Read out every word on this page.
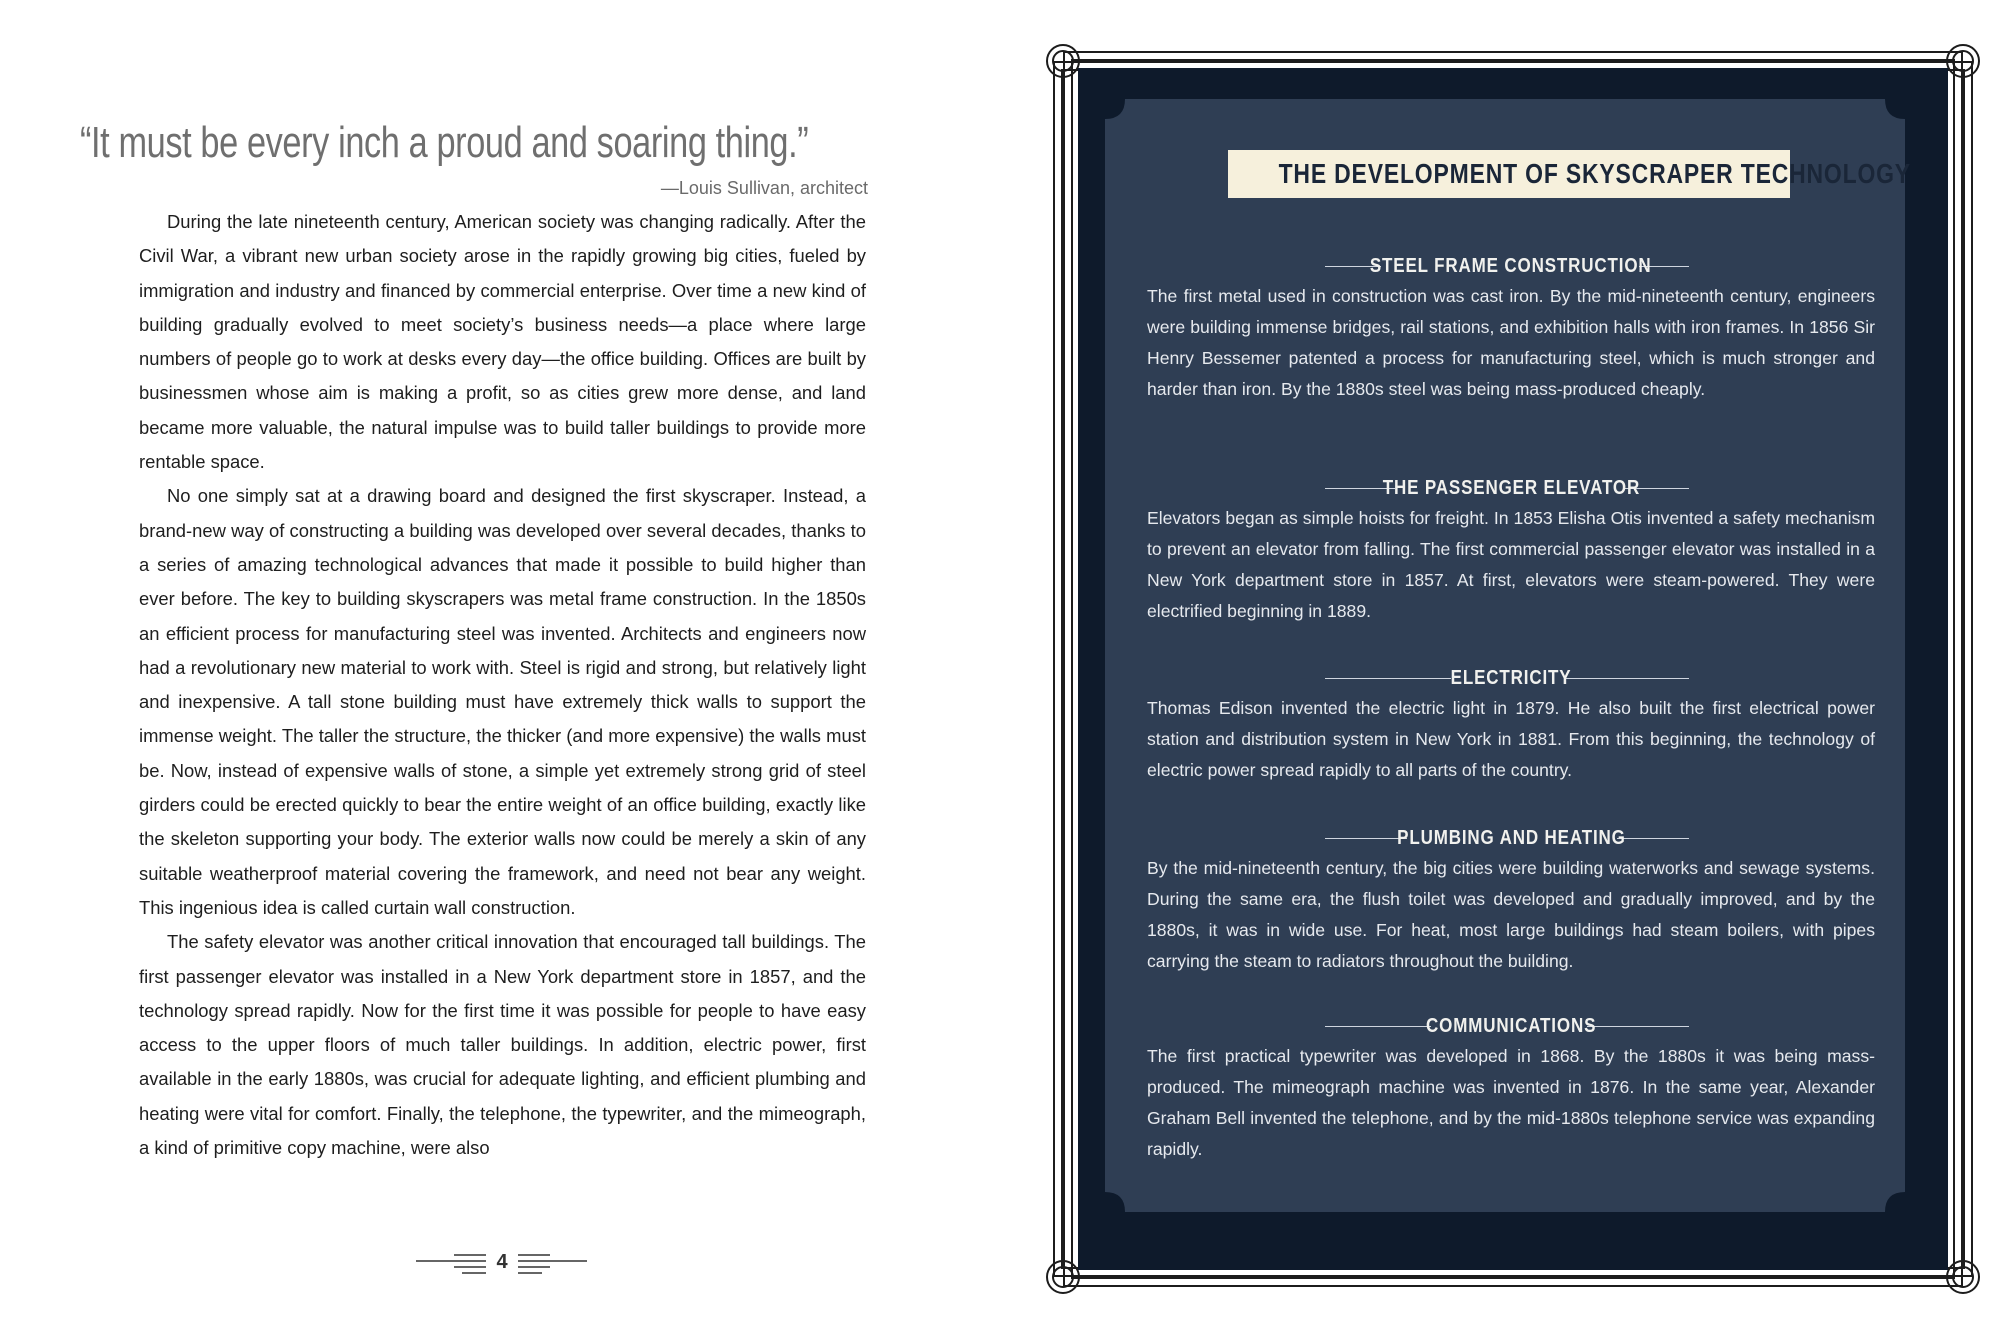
“It must be every inch a proud and soaring thing.”
—Louis Sullivan, architect

During the late nineteenth century, American society was changing radically. After the Civil War, a vibrant new urban society arose in the rapidly growing big cities, fueled by immigration and industry and financed by commercial enterprise. Over time a new kind of building gradually evolved to meet society’s business needs—a place where large numbers of people go to work at desks every day—the office building. Offices are built by businessmen whose aim is making a profit, so as cities grew more dense, and land became more valuable, the natural impulse was to build taller buildings to provide more rentable space.

No one simply sat at a drawing board and designed the first skyscraper. Instead, a brand-new way of constructing a building was developed over several decades, thanks to a series of amazing technological advances that made it possible to build higher than ever before. The key to building skyscrapers was metal frame construction. In the 1850s an efficient process for manufacturing steel was invented. Architects and engineers now had a revolutionary new material to work with. Steel is rigid and strong, but relatively light and inexpensive. A tall stone building must have extremely thick walls to support the immense weight. The taller the structure, the thicker (and more expensive) the walls must be. Now, instead of expensive walls of stone, a simple yet extremely strong grid of steel girders could be erected quickly to bear the entire weight of an office building, exactly like the skeleton supporting your body. The exterior walls now could be merely a skin of any suitable weatherproof material covering the framework, and need not bear any weight. This ingenious idea is called curtain wall construction.

The safety elevator was another critical innovation that encouraged tall buildings. The first passenger elevator was installed in a New York department store in 1857, and the technology spread rapidly. Now for the first time it was possible for people to have easy access to the upper floors of much taller buildings. In addition, electric power, first available in the early 1880s, was crucial for adequate lighting, and efficient plumbing and heating were vital for comfort. Finally, the telephone, the typewriter, and the mimeograph, a kind of primitive copy machine, were also

4
THE DEVELOPMENT OF SKYSCRAPER TECHNOLOGY
STEEL FRAME CONSTRUCTION
The first metal used in construction was cast iron. By the mid-nineteenth century, engineers were building immense bridges, rail stations, and exhibition halls with iron frames. In 1856 Sir Henry Bessemer patented a process for manufacturing steel, which is much stronger and harder than iron. By the 1880s steel was being mass-produced cheaply.
THE PASSENGER ELEVATOR
Elevators began as simple hoists for freight. In 1853 Elisha Otis invented a safety mechanism to prevent an elevator from falling. The first commercial passenger elevator was installed in a New York department store in 1857. At first, elevators were steam-powered. They were electrified beginning in 1889.
ELECTRICITY
Thomas Edison invented the electric light in 1879. He also built the first electrical power station and distribution system in New York in 1881. From this beginning, the technology of electric power spread rapidly to all parts of the country.
PLUMBING AND HEATING
By the mid-nineteenth century, the big cities were building waterworks and sewage systems. During the same era, the flush toilet was developed and gradually improved, and by the 1880s, it was in wide use. For heat, most large buildings had steam boilers, with pipes carrying the steam to radiators throughout the building.
COMMUNICATIONS
The first practical typewriter was developed in 1868. By the 1880s it was being mass-produced. The mimeograph machine was invented in 1876. In the same year, Alexander Graham Bell invented the telephone, and by the mid-1880s telephone service was expanding rapidly.
